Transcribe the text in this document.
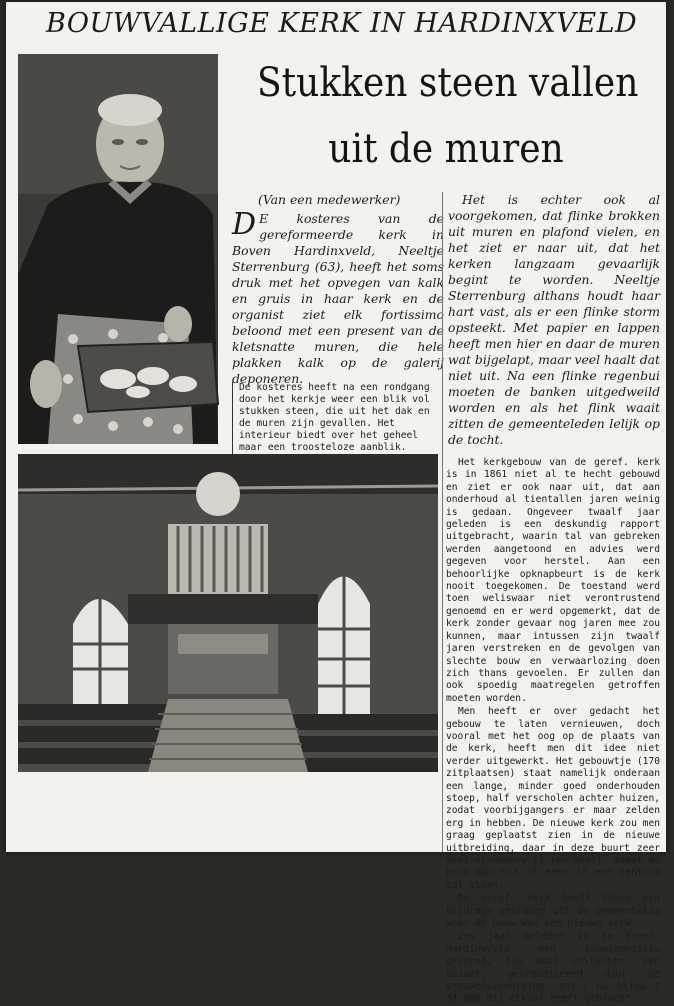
BOUWVALLIGE KERK IN HARDINXVELD
Stukken steen vallen
uit de muren

(Van een medewerker)

D E kosteres van de gereformeerde kerk in Boven Hardinxveld, Neeltje Sterrenburg (63), heeft het soms druk met het opvegen van kalk en gruis in haar kerk en de organist ziet elk fortissimo beloond met een present van de kletsnatte muren, die hele plakken kalk op de galerij deponeren.

De kosteres heeft na een rondgang door het kerkje weer een blik vol stukken steen, die uit het dak en de muren zijn gevallen. Het interieur biedt over het geheel maar een troosteloze aanblik.

Het is echter ook al voorgekomen, dat flinke brokken uit muren en plafond vielen, en het ziet er naar uit, dat het kerken langzaam gevaarlijk begint te worden. Neeltje Sterrenburg althans houdt haar hart vast, als er een flinke storm opsteekt. Met papier en lappen heeft men hier en daar de muren wat bijgelapt, maar veel haalt dat niet uit. Na een flinke regenbui moeten de banken uitgedweild worden en als het flink waait zitten de gemeenteleden lelijk op de tocht.

Het kerkgebouw van de geref. kerk is in 1861 niet al te hecht gebouwd en ziet er ook naar uit, dat aan onderhoud al tientallen jaren weinig is gedaan. Ongeveer twaalf jaar geleden is een deskundig rapport uitgebracht, waarin tal van gebreken werden aangetoond en advies werd gegeven voor herstel. Aan een behoorlijke opknapbeurt is de kerk nooit toegekomen. De toestand werd toen weliswaar niet verontrustend genoemd en er werd opgemerkt, dat de kerk zonder gevaar nog jaren mee zou kunnen, maar intussen zijn twaalf jaren verstreken en de gevolgen van slechte bouw en verwaarlozing doen zich thans gevoelen. Er zullen dan ook spoedig maatregelen getroffen moeten worden.

Men heeft er over gedacht het gebouw te laten vernieuwen, doch vooral met het oog op de plaats van de kerk, heeft men dit idee niet verder uitgewerkt. Het gebouwtje (170 zitplaatsen) staat namelijk onderaan een lange, minder goed onderhouden stoep, half verscholen achter huizen, zodat voorbijgangers er maar zelden erg in hebben. De nieuwe kerk zou men graag geplaatst zien in de nieuwe uitbreiding, daar in deze buurt zeer veel nieuwbouw is (en komt), zodat de kerk dan min of meer in een centrum zal staan.

De geref. kerk heeft thans een bijdrage gevraagd uit de gemeentekas voor de bouw van een nieuwe kerk.

Zes jaar geleden is te Boven-Hardinxveld een bouwcommissie gevormd, die door collecten, een bazaar, georganiseerd door de vrouwenvereniging, enz., nu bijna ƒ 34.000 bij elkaar heeft gebracht.
